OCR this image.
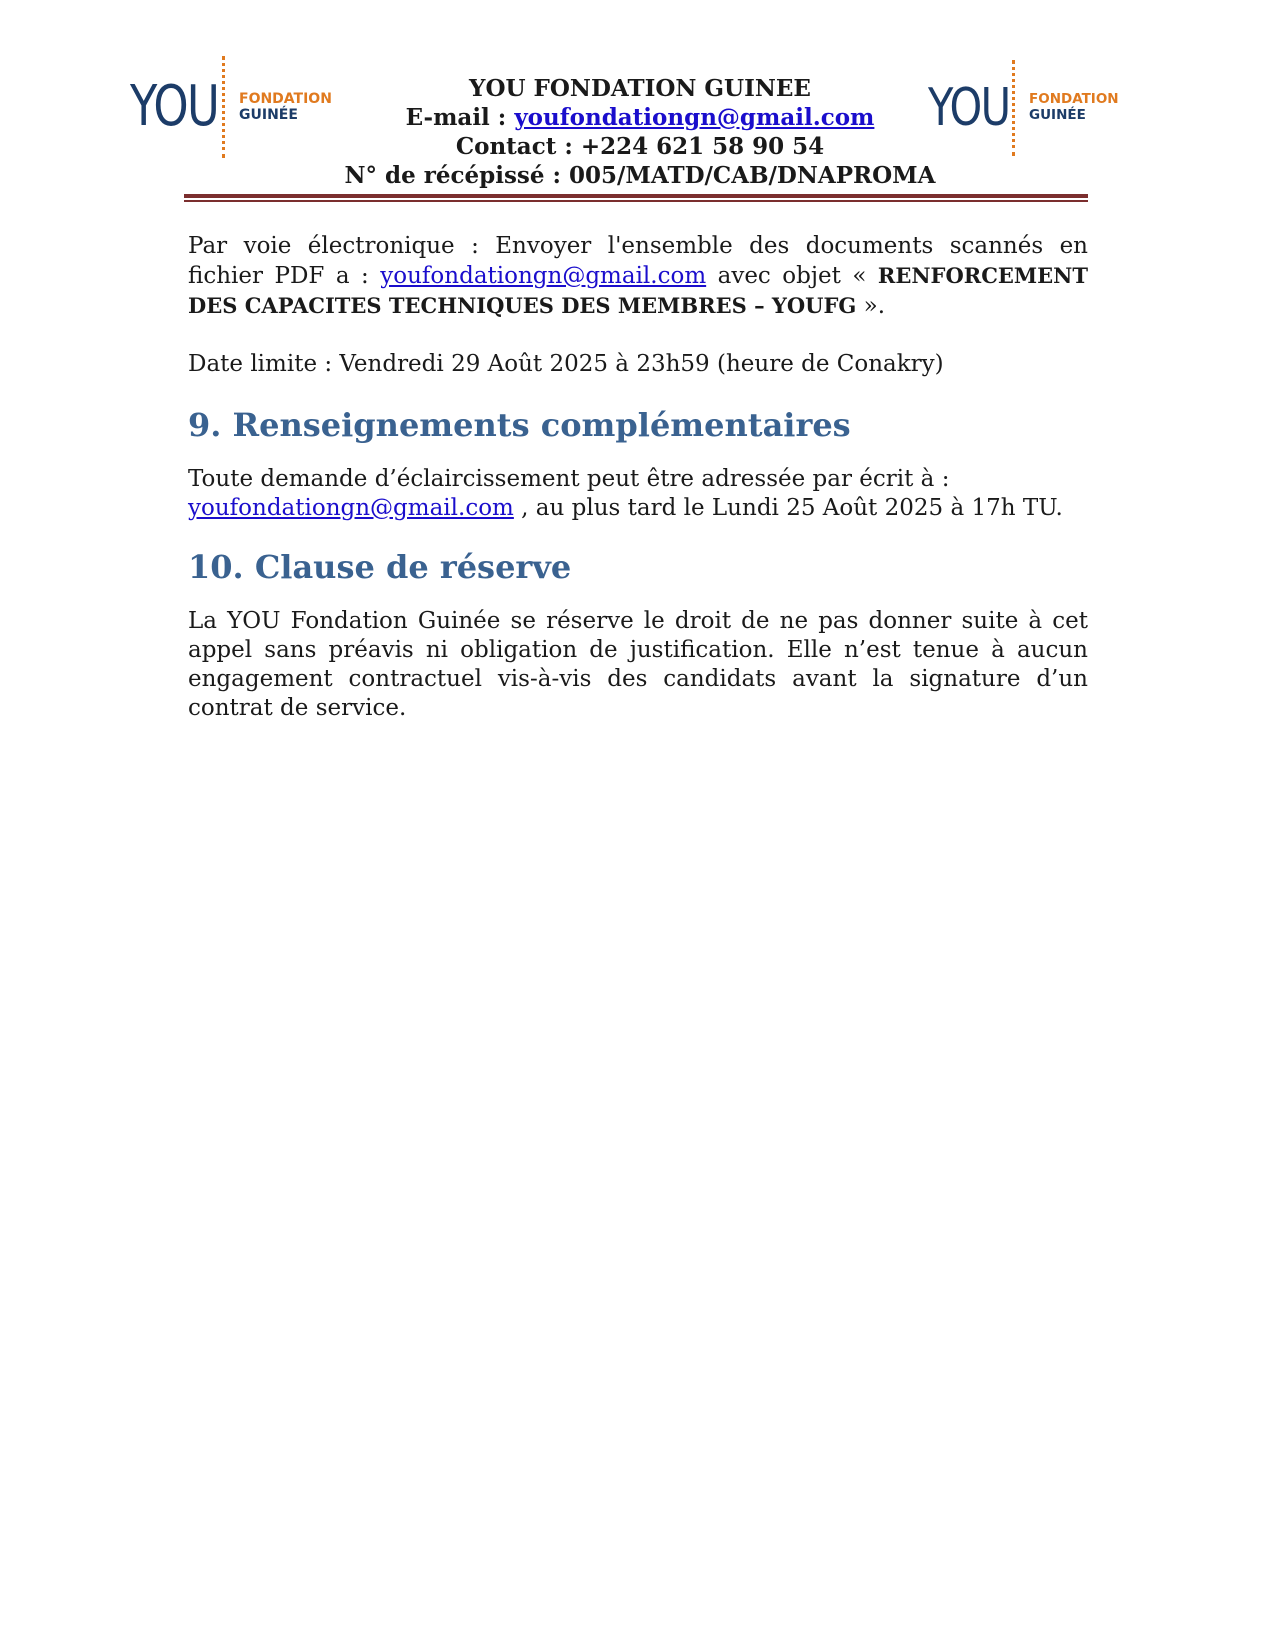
YOU FONDATION
GUINÉE
YOU FONDATION GUINEE
E-mail : youfondationgn@gmail.com
Contact : +224 621 58 90 54
N° de récépissé : 005/MATD/CAB/DNAPROMA
YOU FONDATION
GUINÉE

Par voie électronique : Envoyer l'ensemble des documents scannés en fichier PDF a : youfondationgn@gmail.com avec objet « RENFORCEMENT DES CAPACITES TECHNIQUES DES MEMBRES – YOUFG ».

Date limite : Vendredi 29 Août 2025 à 23h59 (heure de Conakry)

9. Renseignements complémentaires

Toute demande d’éclaircissement peut être adressée par écrit à :
youfondationgn@gmail.com , au plus tard le Lundi 25 Août 2025 à 17h TU.

10. Clause de réserve

La YOU Fondation Guinée se réserve le droit de ne pas donner suite à cet appel sans préavis ni obligation de justification. Elle n’est tenue à aucun engagement contractuel vis-à-vis des candidats avant la signature d’un contrat de service.
